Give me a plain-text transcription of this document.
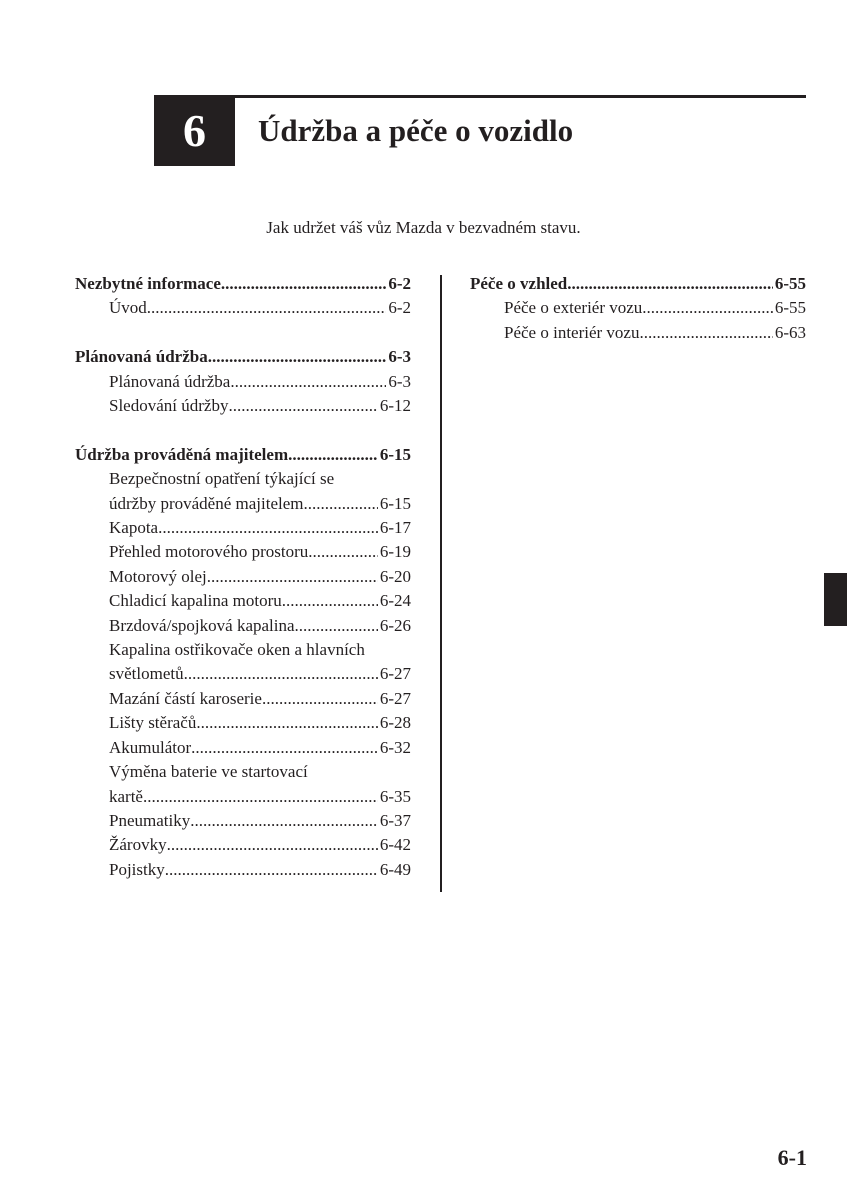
6 Údržba a péče o vozidlo
Jak udržet váš vůz Mazda v bezvadném stavu.
Nezbytné informace .....	6-2
Úvod .....	6-2
Plánovaná údržba .....	6-3
Plánovaná údržba .....	6-3
Sledování údržby .....	6-12
Údržba prováděná majitelem .....	6-15
Bezpečnostní opatření týkající se
údržby prováděné majitelem .....	6-15
Kapota .....	6-17
Přehled motorového prostoru .....	6-19
Motorový olej .....	6-20
Chladicí kapalina motoru .....	6-24
Brzdová/spojková kapalina .....	6-26
Kapalina ostřikovače oken a hlavních
světlometů .....	6-27
Mazání částí karoserie .....	6-27
Lišty stěračů .....	6-28
Akumulátor .....	6-32
Výměna baterie ve startovací
kartě .....	6-35
Pneumatiky .....	6-37
Žárovky .....	6-42
Pojistky .....	6-49
Péče o vzhled .....	6-55
Péče o exteriér vozu .....	6-55
Péče o interiér vozu .....	6-63
6-1
